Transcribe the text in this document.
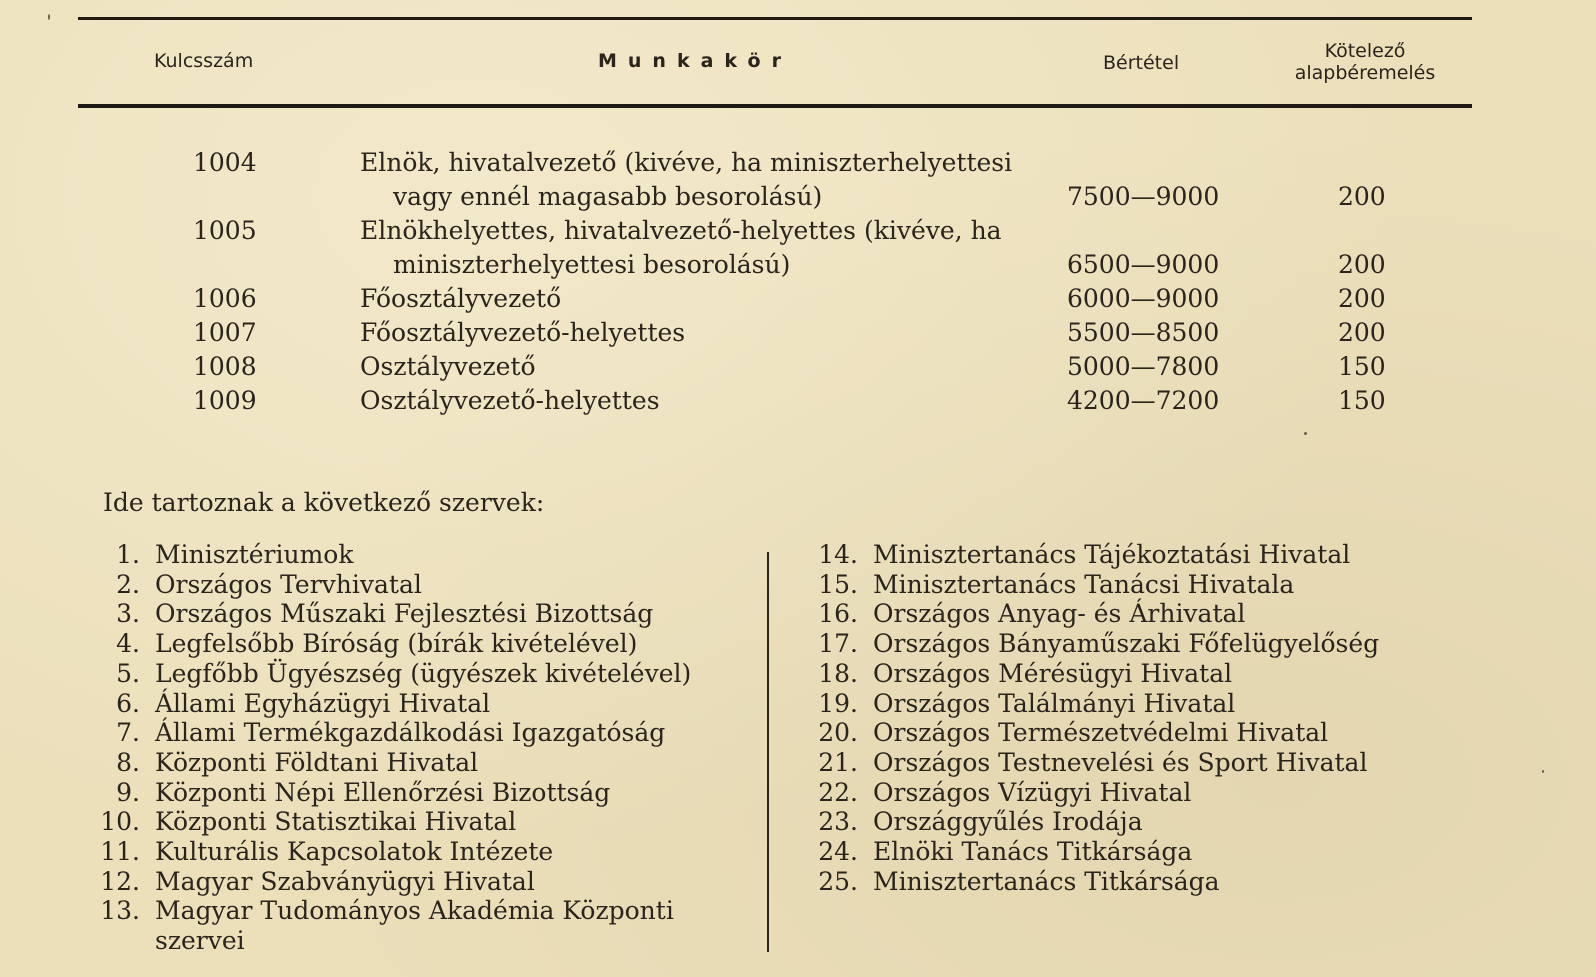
Kulcsszám	Munkakör	Bértétel
Kötelező
alapbéremelés
1004	Elnök, hivatalvezető (kivéve, ha miniszterhelyettesi
vagy ennél magasabb besorolású)	7500—9000	200
1005	Elnökhelyettes, hivatalvezető-helyettes (kivéve, ha
miniszterhelyettesi besorolású)	6500—9000	200
1006	Főosztályvezető	6000—9000	200
1007	Főosztályvezető-helyettes	5500—8500	200
1008	Osztályvezető	5000—7800	150
1009	Osztályvezető-helyettes	4200—7200	150
Ide tartoznak a következő szervek:
1. Minisztériumok
2. Országos Tervhivatal
3. Országos Műszaki Fejlesztési Bizottság
4. Legfelsőbb Bíróság (bírák kivételével)
5. Legfőbb Ügyészség (ügyészek kivételével)
6. Állami Egyházügyi Hivatal
7. Állami Termékgazdálkodási Igazgatóság
8. Központi Földtani Hivatal
9. Központi Népi Ellenőrzési Bizottság
10. Központi Statisztikai Hivatal
11. Kulturális Kapcsolatok Intézete
12. Magyar Szabványügyi Hivatal
13. Magyar Tudományos Akadémia Központi szervei
14. Minisztertanács Tájékoztatási Hivatal
15. Minisztertanács Tanácsi Hivatala
16. Országos Anyag- és Árhivatal
17. Országos Bányaműszaki Főfelügyelőség
18. Országos Mérésügyi Hivatal
19. Országos Találmányi Hivatal
20. Országos Természetvédelmi Hivatal
21. Országos Testnevelési és Sport Hivatal
22. Országos Vízügyi Hivatal
23. Országgyűlés Irodája
24. Elnöki Tanács Titkársága
25. Minisztertanács Titkársága
